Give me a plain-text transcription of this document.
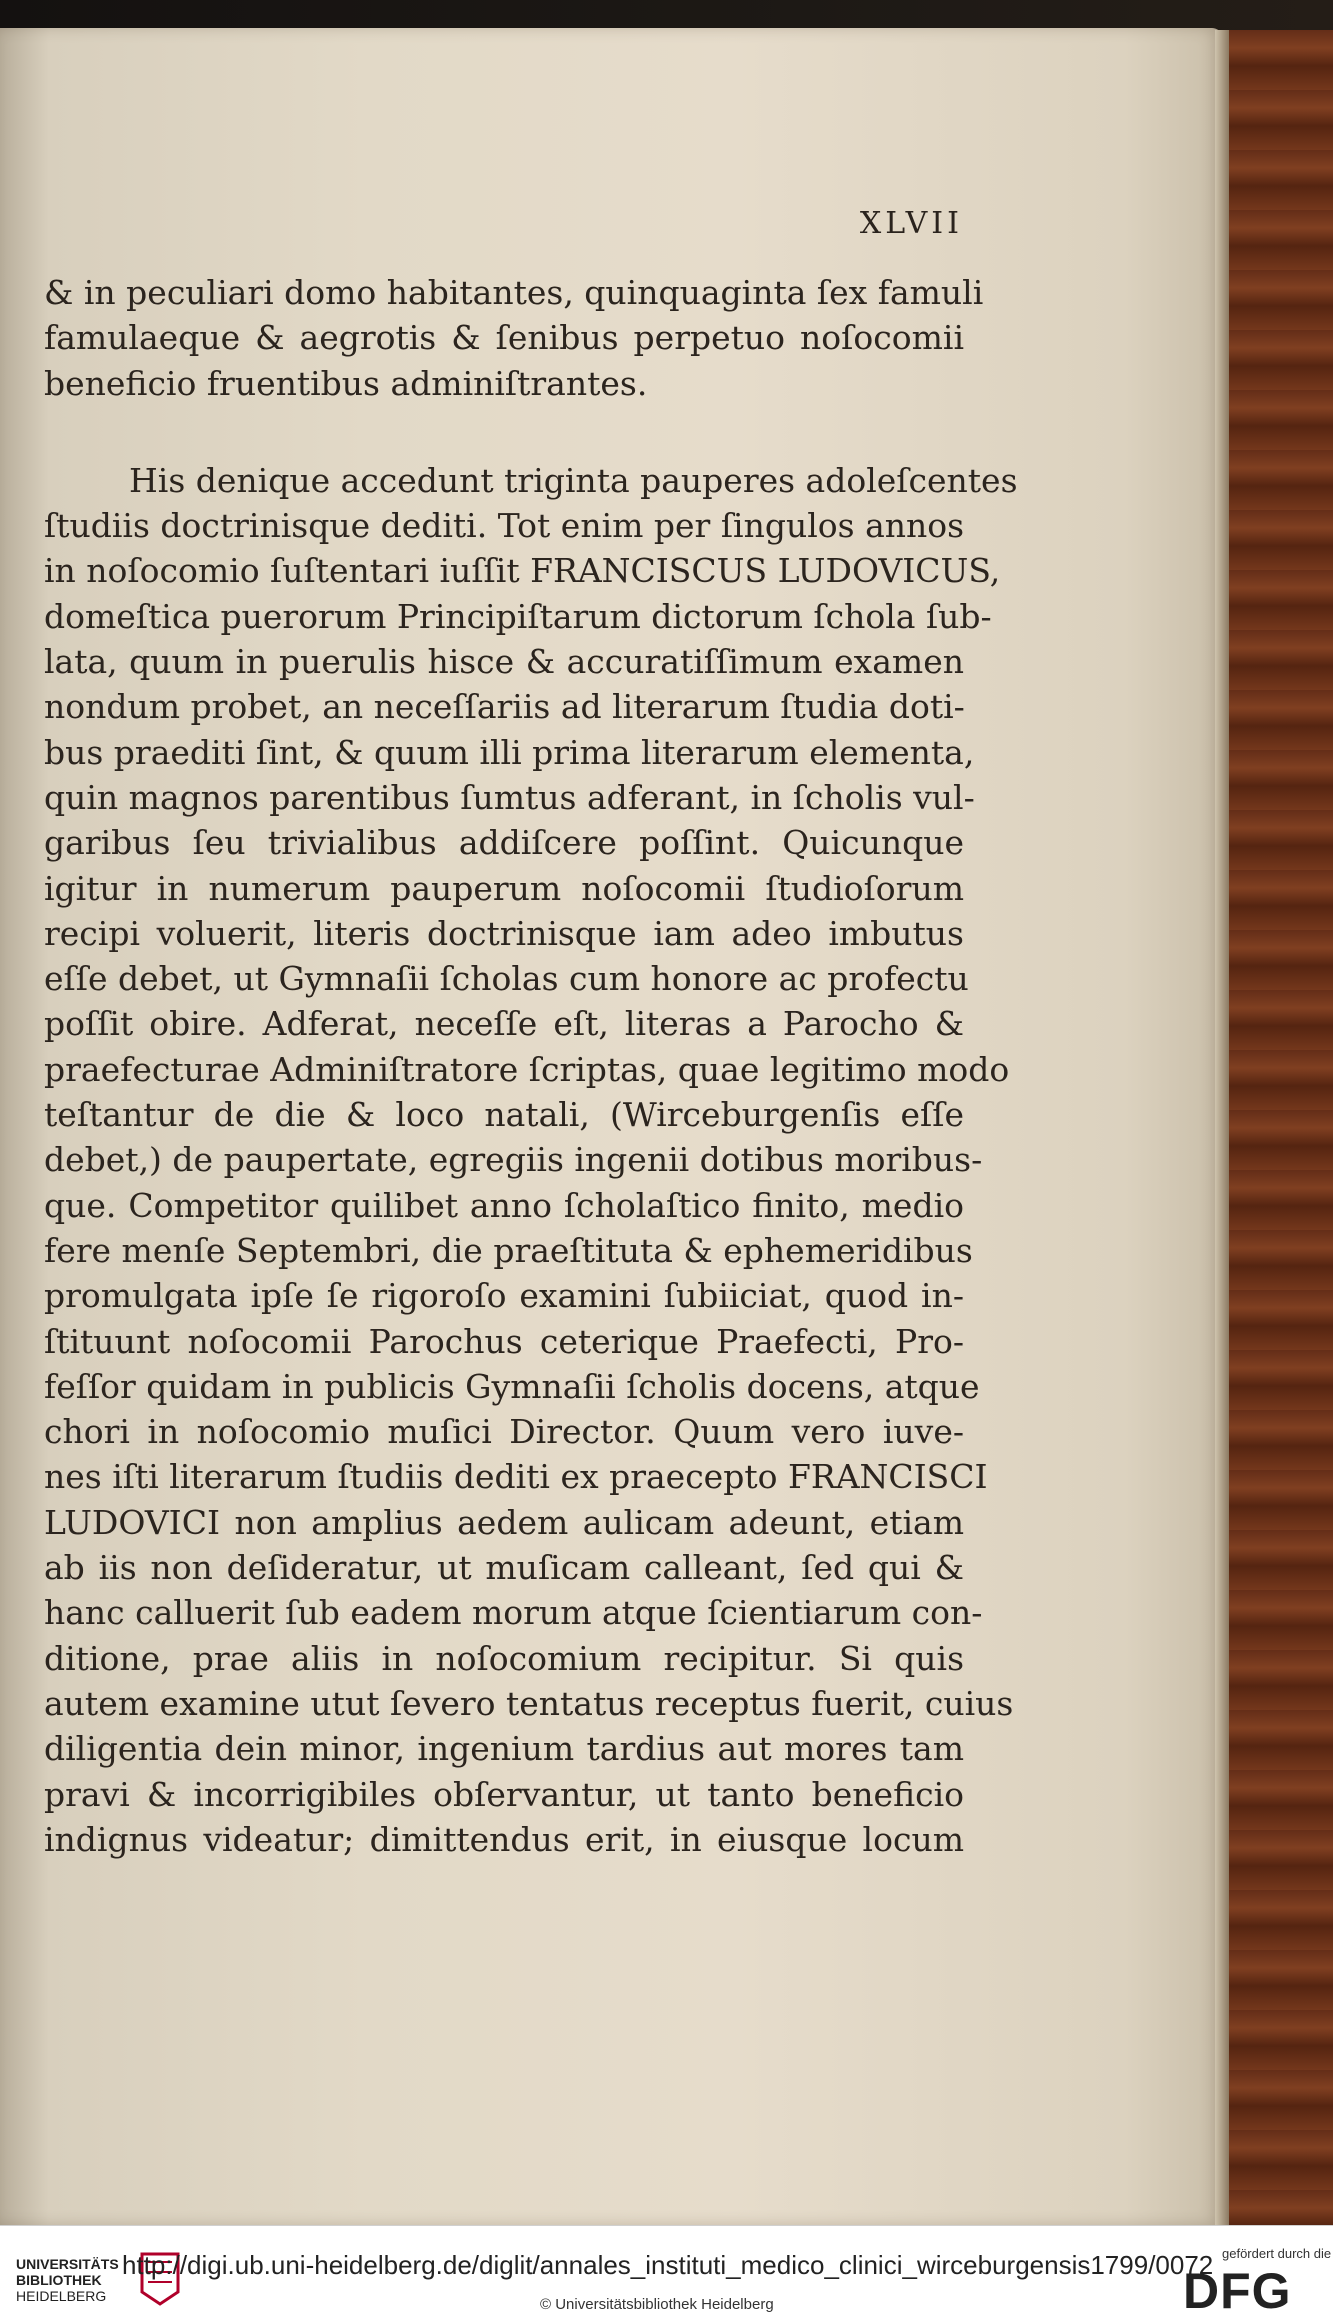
XLVII
& in peculiari domo habitantes, quinquaginta ſex famuli
famulaeque & aegrotis & ſenibus perpetuo noſocomii
beneficio fruentibus adminiſtrantes.
His denique accedunt triginta pauperes adoleſcentes
ſtudiis doctrinisque dediti. Tot enim per ſingulos annos
in noſocomio ſuſtentari iuſſit FRANCISCUS LUDOVICUS,
domeſtica puerorum Principiſtarum dictorum ſchola ſub-
lata, quum in puerulis hisce & accuratiſſimum examen
nondum probet, an neceſſariis ad literarum ſtudia doti-
bus praediti ſint, & quum illi prima literarum elementa,
quin magnos parentibus ſumtus adferant, in ſcholis vul-
garibus ſeu trivialibus addiſcere poſſint. Quicunque
igitur in numerum pauperum noſocomii ſtudioſorum
recipi voluerit, literis doctrinisque iam adeo imbutus
eſſe debet, ut Gymnaſii ſcholas cum honore ac profectu
poſſit obire. Adferat, neceſſe eſt, literas a Parocho &
praefecturae Adminiſtratore ſcriptas, quae legitimo modo
teſtantur de die & loco natali, (Wirceburgenſis eſſe
debet,) de paupertate, egregiis ingenii dotibus moribus-
que. Competitor quilibet anno ſcholaſtico finito, medio
fere menſe Septembri, die praeſtituta & ephemeridibus
promulgata ipſe ſe rigoroſo examini ſubiiciat, quod in-
ſtituunt noſocomii Parochus ceterique Praefecti, Pro-
feſſor quidam in publicis Gymnaſii ſcholis docens, atque
chori in noſocomio muſici Director. Quum vero iuve-
nes iſti literarum ſtudiis dediti ex praecepto FRANCISCI
LUDOVICI non amplius aedem aulicam adeunt, etiam
ab iis non deſideratur, ut muſicam calleant, ſed qui &
hanc calluerit ſub eadem morum atque ſcientiarum con-
ditione, prae aliis in noſocomium recipitur. Si quis
autem examine utut ſevero tentatus receptus fuerit, cuius
diligentia dein minor, ingenium tardius aut mores tam
pravi & incorrigibiles obſervantur, ut tanto beneficio
indignus videatur; dimittendus erit, in eiusque locum
UNIVERSITÄTS
BIBLIOTHEK
HEIDELBERG
http://digi.ub.uni-heidelberg.de/diglit/annales_instituti_medico_clinici_wirceburgensis1799/0072
© Universitätsbibliothek Heidelberg
gefördert durch die
DFG
